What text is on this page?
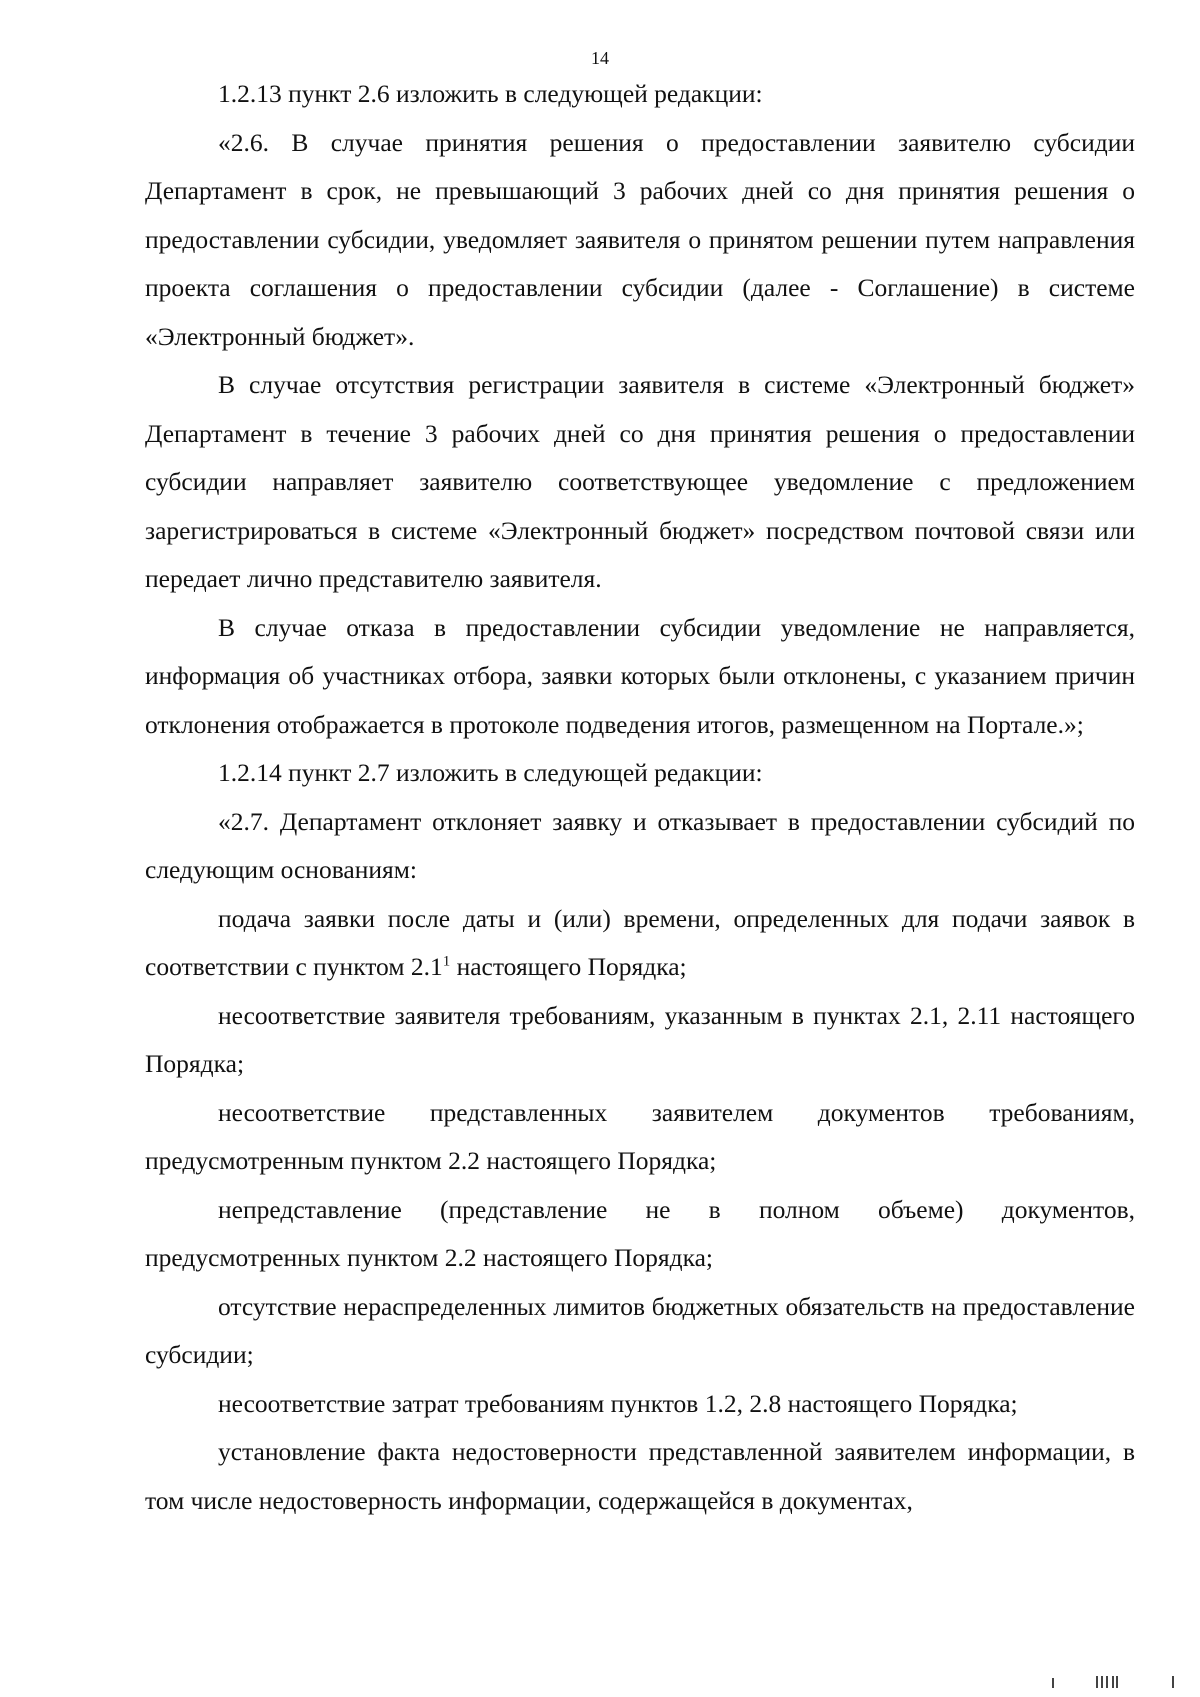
14

1.2.13 пункт 2.6 изложить в следующей редакции:

«2.6. В случае принятия решения о предоставлении заявителю субсидии Департамент в срок, не превышающий 3 рабочих дней со дня принятия решения о предоставлении субсидии, уведомляет заявителя о принятом решении путем направления проекта соглашения о предоставлении субсидии (далее - Соглашение) в системе «Электронный бюджет».

В случае отсутствия регистрации заявителя в системе «Электронный бюджет» Департамент в течение 3 рабочих дней со дня принятия решения о предоставлении субсидии направляет заявителю соответствующее уведомление с предложением зарегистрироваться в системе «Электронный бюджет» посредством почтовой связи или передает лично представителю заявителя.

В случае отказа в предоставлении субсидии уведомление не направляется, информация об участниках отбора, заявки которых были отклонены, с указанием причин отклонения отображается в протоколе подведения итогов, размещенном на Портале.»;

1.2.14 пункт 2.7 изложить в следующей редакции:

«2.7. Департамент отклоняет заявку и отказывает в предоставлении субсидий по следующим основаниям:

подача заявки после даты и (или) времени, определенных для подачи заявок в соответствии с пунктом $2.1^1$ настоящего Порядка;

несоответствие заявителя требованиям, указанным в пунктах 2.1, 2.11 настоящего Порядка;

несоответствие представленных заявителем документов требованиям, предусмотренным пунктом 2.2 настоящего Порядка;

непредставление (представление не в полном объеме) документов, предусмотренных пунктом 2.2 настоящего Порядка;

отсутствие нераспределенных лимитов бюджетных обязательств на предоставление субсидии;

несоответствие затрат требованиям пунктов 1.2, 2.8 настоящего Порядка;

установление факта недостоверности представленной заявителем информации, в том числе недостоверность информации, содержащейся в документах,
